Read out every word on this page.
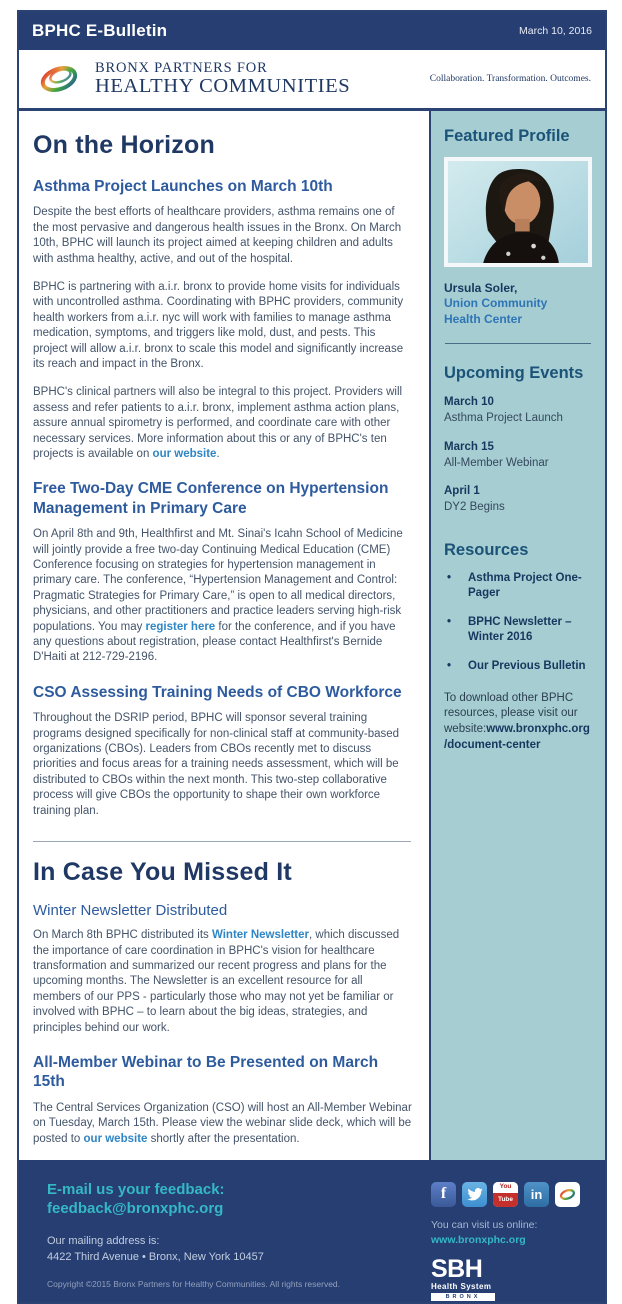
BPHC E-Bulletin	March 10, 2016
BRONX PARTNERS FOR
HEALTHY COMMUNITIES	Collaboration. Transformation. Outcomes.
On the Horizon
Asthma Project Launches on March 10th

Despite the best efforts of healthcare providers, asthma remains one of the most pervasive and dangerous health issues in the Bronx. On March 10th, BPHC will launch its project aimed at keeping children and adults with asthma healthy, active, and out of the hospital.

BPHC is partnering with a.i.r. bronx to provide home visits for individuals with uncontrolled asthma. Coordinating with BPHC providers, community health workers from a.i.r. nyc will work with families to manage asthma medication, symptoms, and triggers like mold, dust, and pests. This project will allow a.i.r. bronx to scale this model and significantly increase its reach and impact in the Bronx.

BPHC's clinical partners will also be integral to this project. Providers will assess and refer patients to a.i.r. bronx, implement asthma action plans, assure annual spirometry is performed, and coordinate care with other necessary services. More information about this or any of BPHC's ten projects is available on our website.

Free Two-Day CME Conference on Hypertension Management in Primary Care

On April 8th and 9th, Healthfirst and Mt. Sinai's Icahn School of Medicine will jointly provide a free two-day Continuing Medical Education (CME) Conference focusing on strategies for hypertension management in primary care. The conference, “Hypertension Management and Control: Pragmatic Strategies for Primary Care,” is open to all medical directors, physicians, and other practitioners and practice leaders serving high-risk populations. You may register here for the conference, and if you have any questions about registration, please contact Healthfirst's Bernide D'Haiti at 212-729-2196.

CSO Assessing Training Needs of CBO Workforce

Throughout the DSRIP period, BPHC will sponsor several training programs designed specifically for non-clinical staff at community-based organizations (CBOs). Leaders from CBOs recently met to discuss priorities and focus areas for a training needs assessment, which will be distributed to CBOs within the next month. This two-step collaborative process will give CBOs the opportunity to shape their own workforce training plan.

In Case You Missed It
Winter Newsletter Distributed

On March 8th BPHC distributed its Winter Newsletter, which discussed the importance of care coordination in BPHC's vision for healthcare transformation and summarized our recent progress and plans for the upcoming months. The Newsletter is an excellent resource for all members of our PPS - particularly those who may not yet be familiar or involved with BPHC – to learn about the big ideas, strategies, and principles behind our work.

All-Member Webinar to Be Presented on March 15th

The Central Services Organization (CSO) will host an All-Member Webinar on Tuesday, March 15th. Please view the webinar slide deck, which will be posted to our website shortly after the presentation.

Featured Profile
Ursula Soler,
Union Community Health Center
Upcoming Events
March 10
Asthma Project Launch
March 15
All-Member Webinar
April 1
DY2 Begins
Resources
• Asthma Project One-Pager
• BPHC Newsletter – Winter 2016
• Our Previous Bulletin
To download other BPHC resources, please visit our website:www.bronxphc.org /document-center
E-mail us your feedback:
feedback@bronxphc.org
Our mailing address is:
4422 Third Avenue • Bronx, New York 10457
Copyright ©2015 Bronx Partners for Healthy Communities. All rights reserved.
f	You
Tube	in
You can visit us online:
www.bronxphc.org
SBH
Health System
BRONX
